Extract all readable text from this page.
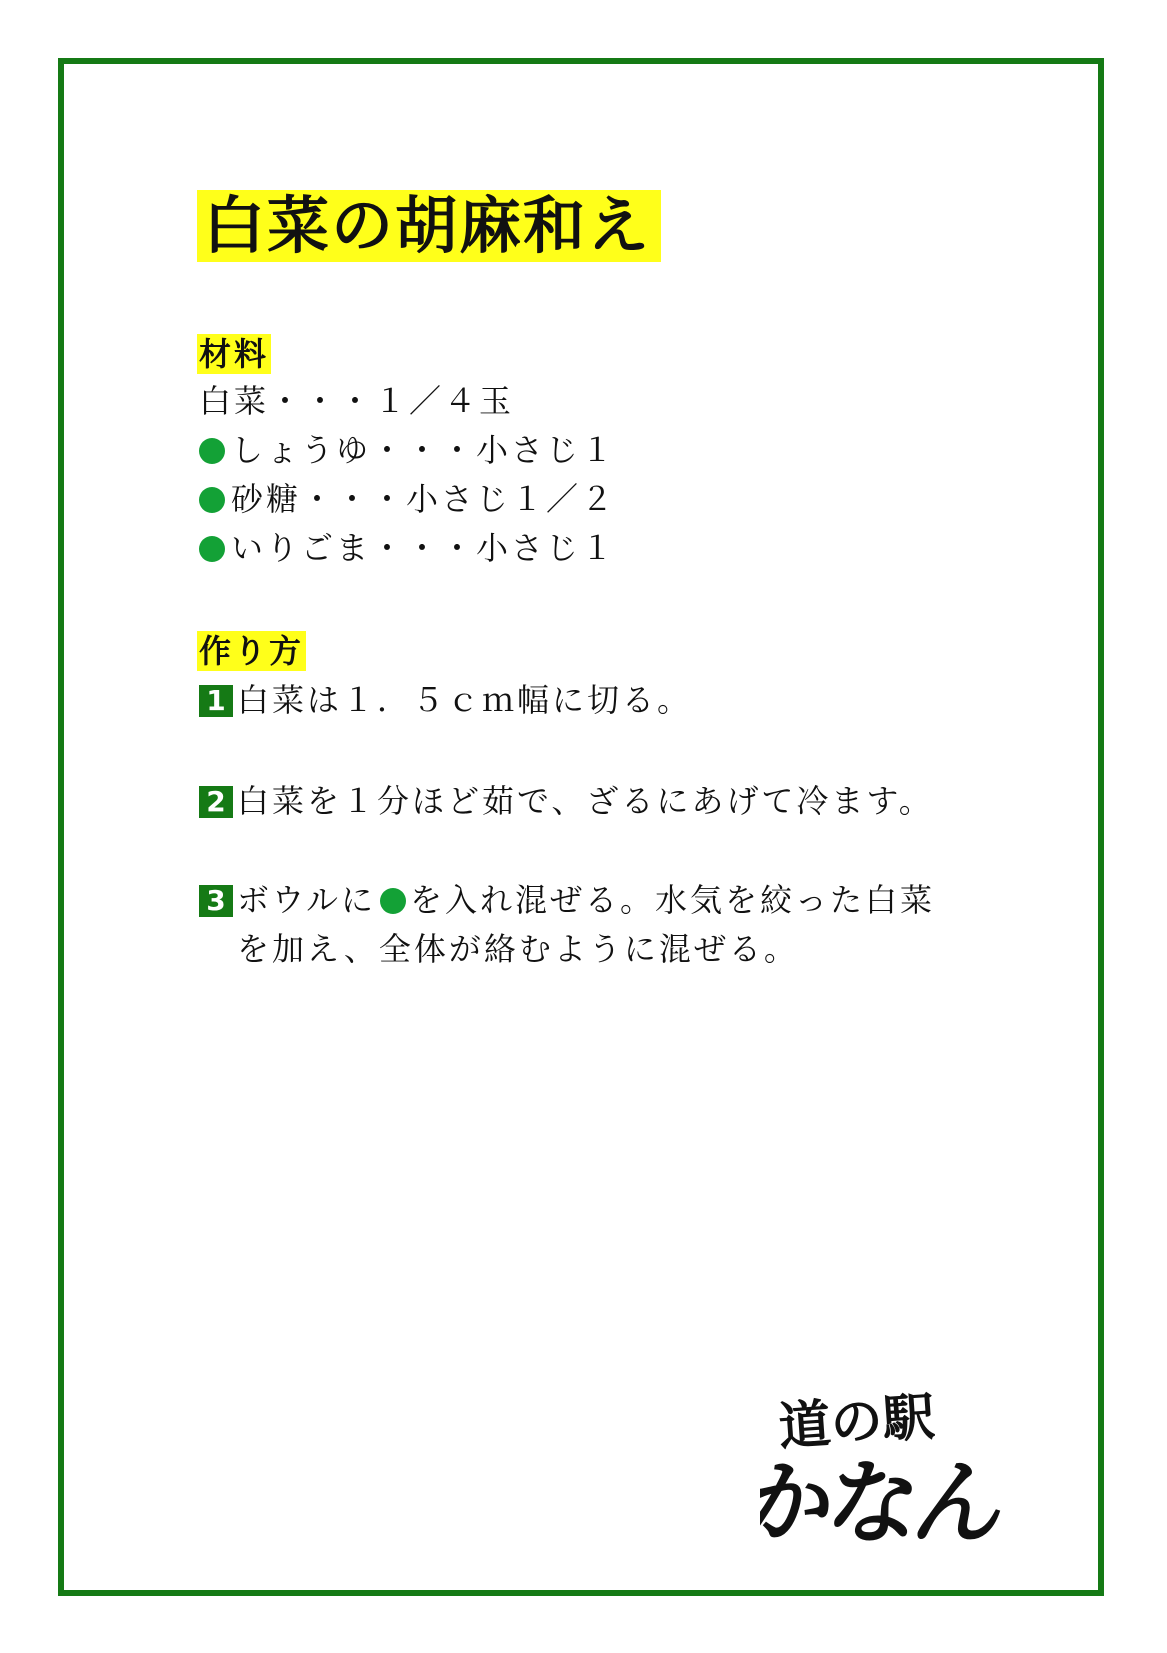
白菜の胡麻和え
材料
白菜・・・１／４玉
しょうゆ・・・小さじ１
砂糖・・・小さじ１／２
いりごま・・・小さじ１
作り方
1 白菜は１．５ｃｍ幅に切る。
2 白菜を１分ほど茹で、ざるにあげて冷ます。
3 ボウルに を入れ混ぜる。水気を絞った白菜
を加え、全体が絡むように混ぜる。
道の駅
かなん
